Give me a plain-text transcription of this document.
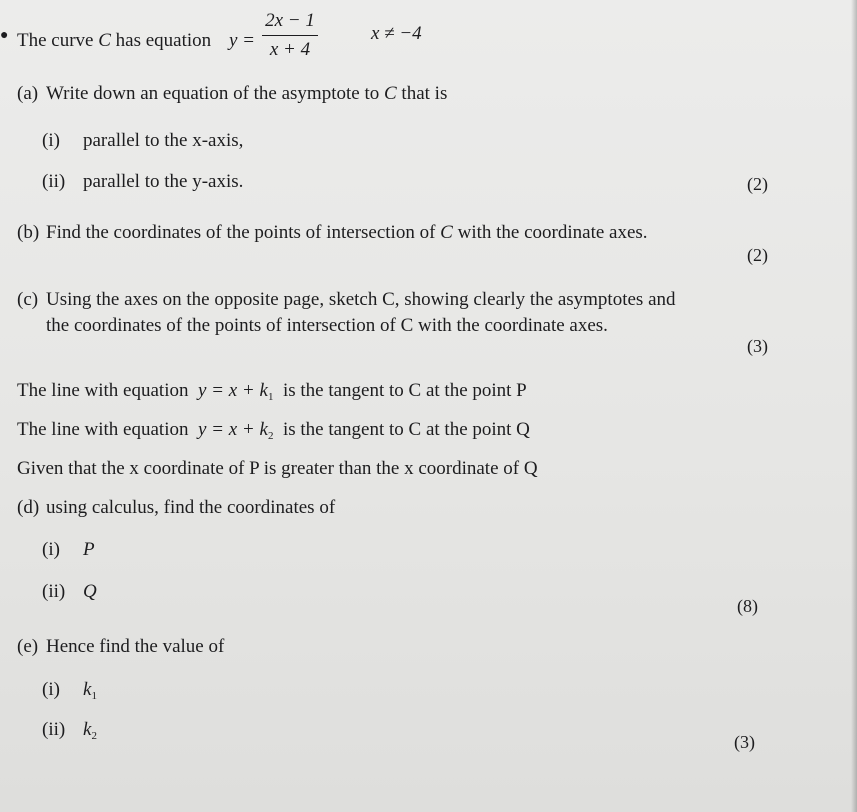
● The curve C has equation y =
2x − 1
x + 4
x ≠ −4
(a) Write down an equation of the asymptote to C that is
(i) parallel to the x-axis,
(ii) parallel to the y-axis.	(2)
(b) Find the coordinates of the points of intersection of C with the coordinate axes.
(2)
(c) Using the axes on the opposite page, sketch C, showing clearly the asymptotes and
the coordinates of the points of intersection of C with the coordinate axes.
(3)
The line with equation $y = x + k_1$ is the tangent to C at the point P
The line with equation $y = x + k_2$ is the tangent to C at the point Q
Given that the x coordinate of P is greater than the x coordinate of Q
(d) using calculus, find the coordinates of
(i) P
(ii) Q
(8)
(e) Hence find the value of
(i) $k_1$
(ii) $k_2$	(3)
